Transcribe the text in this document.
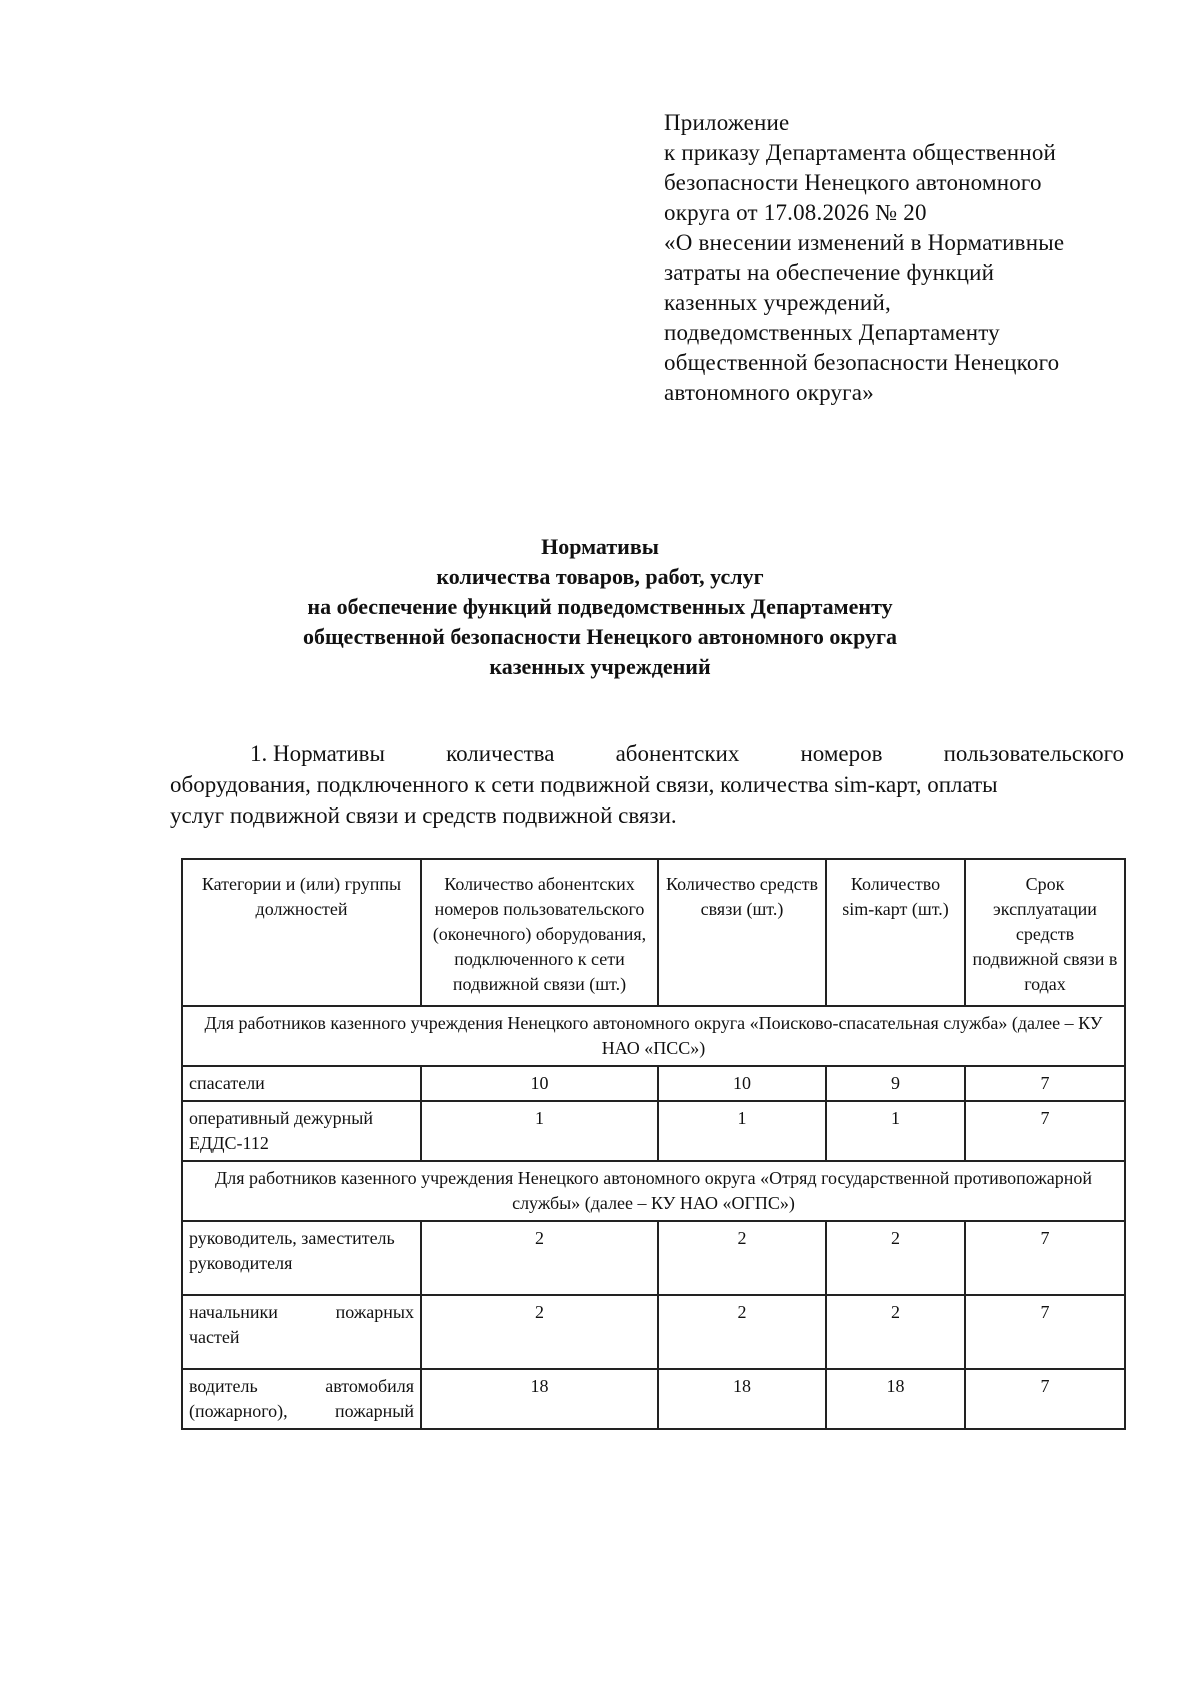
Приложение
к приказу Департамента общественной
безопасности Ненецкого автономного
округа от 17.08.2026 № 20
«О внесении изменений в Нормативные
затраты на обеспечение функций
казенных учреждений,
подведомственных Департаменту
общественной безопасности Ненецкого
автономного округа»
Нормативы
количества товаров, работ, услуг
на обеспечение функций подведомственных Департаменту
общественной безопасности Ненецкого автономного округа
казенных учреждений
1. Нормативы	количества	абонентских	номеров	пользовательского
оборудования, подключенного к сети подвижной связи, количества sim-карт, оплаты
услуг подвижной связи и средств подвижной связи.
Категории и (или) группы должностей	Количество абонентских номеров пользовательского (оконечного) оборудования, подключенного к сети подвижной связи (шт.)	Количество средств связи (шт.)	Количество sim-карт (шт.)	Срок эксплуатации средств подвижной связи в годах
Для работников казенного учреждения Ненецкого автономного округа «Поисково-спасательная служба» (далее – КУ НАО «ПСС»)				
спасатели	10	10	9	7
оперативный дежурный ЕДДС-112	1	1	1	7
Для работников казенного учреждения Ненецкого автономного округа «Отряд государственной противопожарной службы» (далее – КУ НАО «ОГПС»)				
руководитель, заместитель руководителя	2	2	2	7
начальники пожарных частей	2	2	2	7
водитель автомобиля (пожарного), пожарный	18	18	18	7
